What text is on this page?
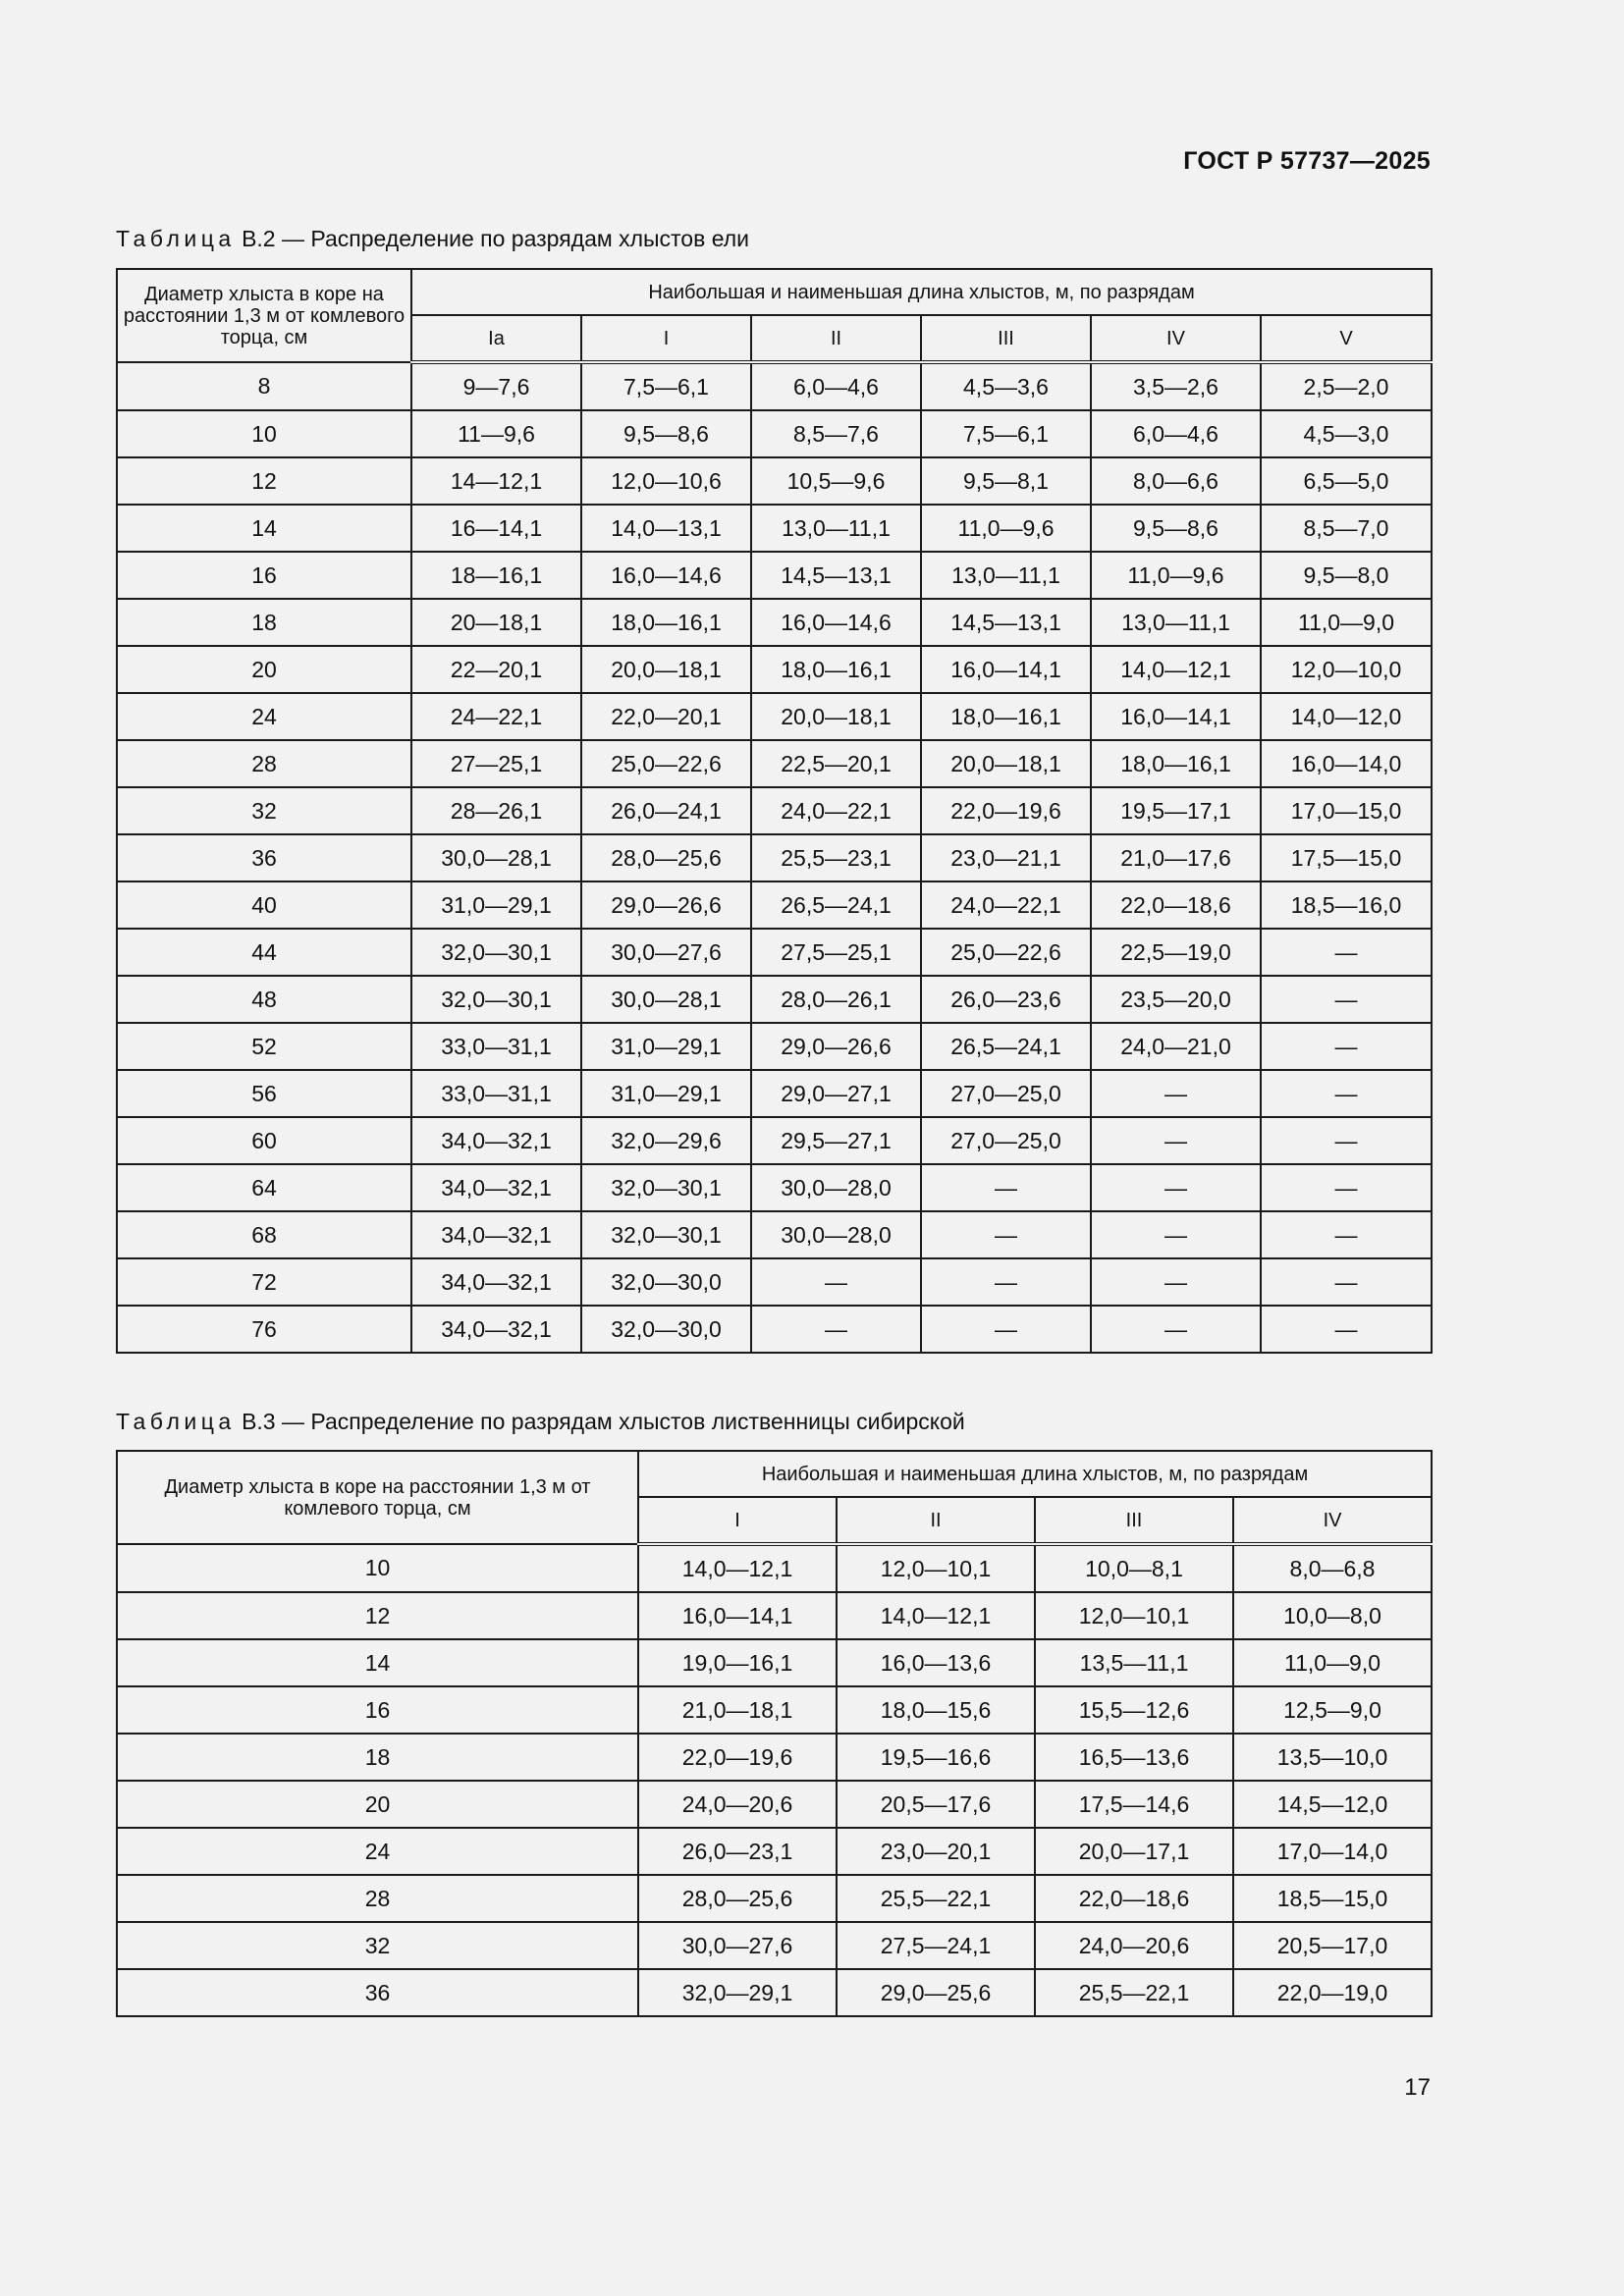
ГОСТ Р 57737—2025
Таблица В.2 — Распределение по разрядам хлыстов ели
Диаметр хлыста в коре на расстоянии 1,3 м от комлевого торца, см	Наибольшая и наименьшая длина хлыстов, м, по разрядам					
	Ia	I	II	III	IV	V
8	9—7,6	7,5—6,1	6,0—4,6	4,5—3,6	3,5—2,6	2,5—2,0
10	11—9,6	9,5—8,6	8,5—7,6	7,5—6,1	6,0—4,6	4,5—3,0
12	14—12,1	12,0—10,6	10,5—9,6	9,5—8,1	8,0—6,6	6,5—5,0
14	16—14,1	14,0—13,1	13,0—11,1	11,0—9,6	9,5—8,6	8,5—7,0
16	18—16,1	16,0—14,6	14,5—13,1	13,0—11,1	11,0—9,6	9,5—8,0
18	20—18,1	18,0—16,1	16,0—14,6	14,5—13,1	13,0—11,1	11,0—9,0
20	22—20,1	20,0—18,1	18,0—16,1	16,0—14,1	14,0—12,1	12,0—10,0
24	24—22,1	22,0—20,1	20,0—18,1	18,0—16,1	16,0—14,1	14,0—12,0
28	27—25,1	25,0—22,6	22,5—20,1	20,0—18,1	18,0—16,1	16,0—14,0
32	28—26,1	26,0—24,1	24,0—22,1	22,0—19,6	19,5—17,1	17,0—15,0
36	30,0—28,1	28,0—25,6	25,5—23,1	23,0—21,1	21,0—17,6	17,5—15,0
40	31,0—29,1	29,0—26,6	26,5—24,1	24,0—22,1	22,0—18,6	18,5—16,0
44	32,0—30,1	30,0—27,6	27,5—25,1	25,0—22,6	22,5—19,0	—
48	32,0—30,1	30,0—28,1	28,0—26,1	26,0—23,6	23,5—20,0	—
52	33,0—31,1	31,0—29,1	29,0—26,6	26,5—24,1	24,0—21,0	—
56	33,0—31,1	31,0—29,1	29,0—27,1	27,0—25,0	—	—
60	34,0—32,1	32,0—29,6	29,5—27,1	27,0—25,0	—	—
64	34,0—32,1	32,0—30,1	30,0—28,0	—	—	—
68	34,0—32,1	32,0—30,1	30,0—28,0	—	—	—
72	34,0—32,1	32,0—30,0	—	—	—	—
76	34,0—32,1	32,0—30,0	—	—	—	—
Таблица В.3 — Распределение по разрядам хлыстов лиственницы сибирской
Диаметр хлыста в коре на расстоянии 1,3 м от комлевого торца, см	Наибольшая и наименьшая длина хлыстов, м, по разрядам			
	I	II	III	IV
10	14,0—12,1	12,0—10,1	10,0—8,1	8,0—6,8
12	16,0—14,1	14,0—12,1	12,0—10,1	10,0—8,0
14	19,0—16,1	16,0—13,6	13,5—11,1	11,0—9,0
16	21,0—18,1	18,0—15,6	15,5—12,6	12,5—9,0
18	22,0—19,6	19,5—16,6	16,5—13,6	13,5—10,0
20	24,0—20,6	20,5—17,6	17,5—14,6	14,5—12,0
24	26,0—23,1	23,0—20,1	20,0—17,1	17,0—14,0
28	28,0—25,6	25,5—22,1	22,0—18,6	18,5—15,0
32	30,0—27,6	27,5—24,1	24,0—20,6	20,5—17,0
36	32,0—29,1	29,0—25,6	25,5—22,1	22,0—19,0
17
